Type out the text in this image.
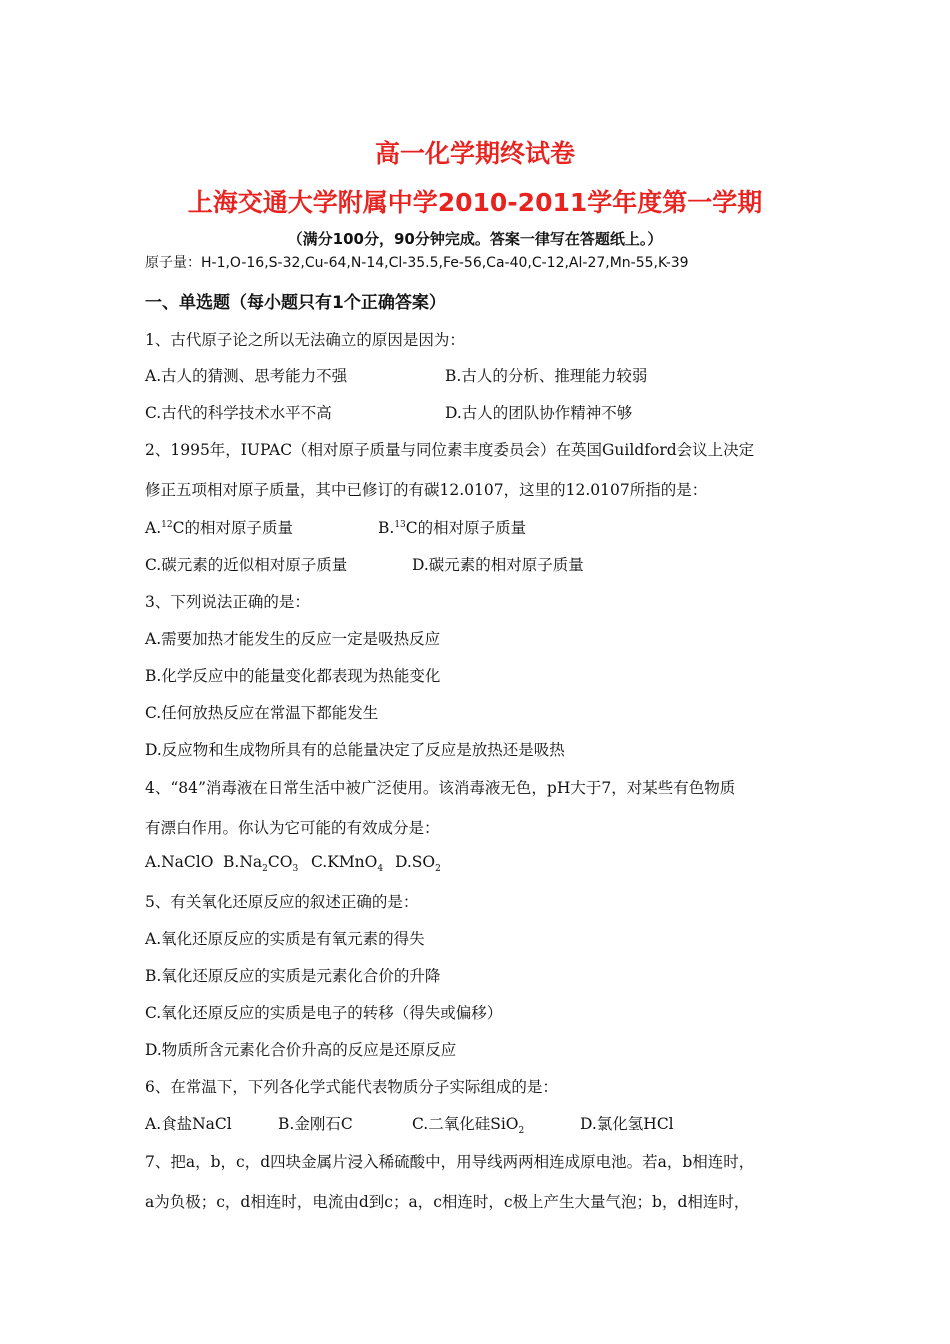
高一化学期终试卷
上海交通大学附属中学2010-2011学年度第一学期
（满分100分，90分钟完成。答案一律写在答题纸上。）
原子量：H-1,O-16,S-32,Cu-64,N-14,Cl-35.5,Fe-56,Ca-40,C-12,Al-27,Mn-55,K-39
一、单选题（每小题只有1个正确答案）
1、古代原子论之所以无法确立的原因是因为：
A.古人的猜测、思考能力不强	B.古人的分析、推理能力较弱
C.古代的科学技术水平不高	D.古人的团队协作精神不够
2、1995年，IUPAC（相对原子质量与同位素丰度委员会）在英国Guildford会议上决定
修正五项相对原子质量，其中已修订的有碳12.0107，这里的12.0107所指的是：
A.$^{12}$C的相对原子质量	B.$^{13}$C的相对原子质量
C.碳元素的近似相对原子质量	D.碳元素的相对原子质量
3、下列说法正确的是：
A.需要加热才能发生的反应一定是吸热反应
B.化学反应中的能量变化都表现为热能变化
C.任何放热反应在常温下都能发生
D.反应物和生成物所具有的总能量决定了反应是放热还是吸热
4、“84”消毒液在日常生活中被广泛使用。该消毒液无色，pH大于7，对某些有色物质
有漂白作用。你认为它可能的有效成分是：
A.NaClO $B.Na_2CO_3$ C.KMnO$_4$ $D.SO_2$
5、有关氧化还原反应的叙述正确的是：
A.氧化还原反应的实质是有氧元素的得失
B.氧化还原反应的实质是元素化合价的升降
C.氧化还原反应的实质是电子的转移（得失或偏移）
D.物质所含元素化合价升高的反应是还原反应
6、在常温下，下列各化学式能代表物质分子实际组成的是：
A.食盐NaCl	B.金刚石C	C.二氧化硅SiO$_2$	D.氯化氢HCl
7、把a，b，c，d四块金属片浸入稀硫酸中，用导线两两相连成原电池。若a，b相连时，
a为负极；c，d相连时，电流由d到c；a，c相连时，c极上产生大量气泡；b，d相连时，
